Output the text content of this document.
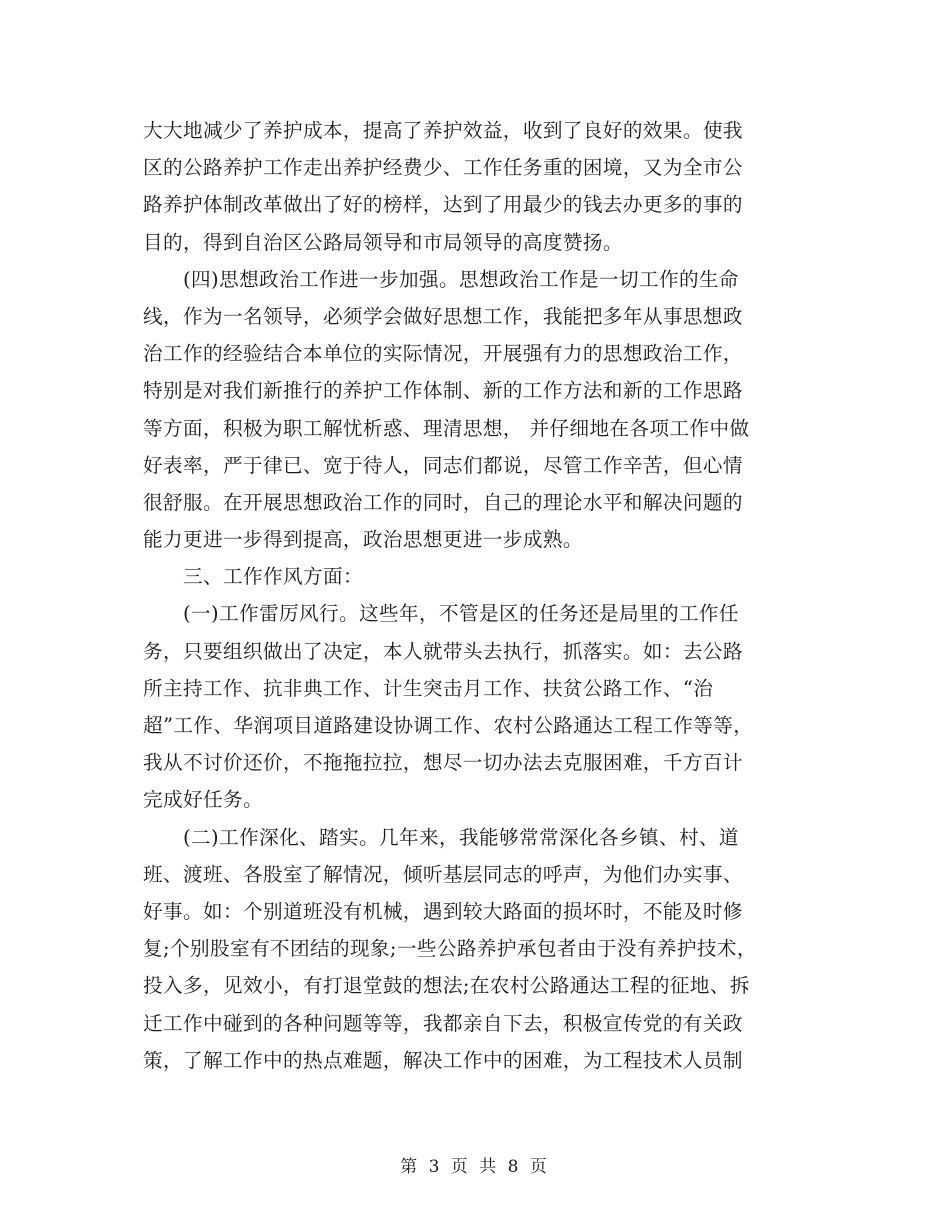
大大地减少了养护成本，提高了养护效益，收到了良好的效果。使我
区的公路养护工作走出养护经费少、工作任务重的困境，又为全市公
路养护体制改革做出了好的榜样，达到了用最少的钱去办更多的事的
目的，得到自治区公路局领导和市局领导的高度赞扬。
(四)思想政治工作进一步加强。思想政治工作是一切工作的生命
线，作为一名领导，必须学会做好思想工作，我能把多年从事思想政
治工作的经验结合本单位的实际情况，开展强有力的思想政治工作，
特别是对我们新推行的养护工作体制、新的工作方法和新的工作思路
等方面，积极为职工解忧析惑、理清思想， 并仔细地在各项工作中做
好表率，严于律已、宽于待人，同志们都说，尽管工作辛苦，但心情
很舒服。在开展思想政治工作的同时，自己的理论水平和解决问题的
能力更进一步得到提高，政治思想更进一步成熟。
三、工作作风方面：
(一)工作雷厉风行。这些年，不管是区的任务还是局里的工作任
务，只要组织做出了决定，本人就带头去执行，抓落实。如：去公路
所主持工作、抗非典工作、计生突击月工作、扶贫公路工作、“治
超”工作、华润项目道路建设协调工作、农村公路通达工程工作等等，
我从不讨价还价，不拖拖拉拉，想尽一切办法去克服困难，千方百计
完成好任务。
(二)工作深化、踏实。几年来，我能够常常深化各乡镇、村、道
班、渡班、各股室了解情况，倾听基层同志的呼声，为他们办实事、
好事。如：个别道班没有机械，遇到较大路面的损坏时，不能及时修
复;个别股室有不团结的现象;一些公路养护承包者由于没有养护技术，
投入多，见效小，有打退堂鼓的想法;在农村公路通达工程的征地、拆
迁工作中碰到的各种问题等等，我都亲自下去，积极宣传党的有关政
策，了解工作中的热点难题，解决工作中的困难，为工程技术人员制
第 3 页 共 8 页
